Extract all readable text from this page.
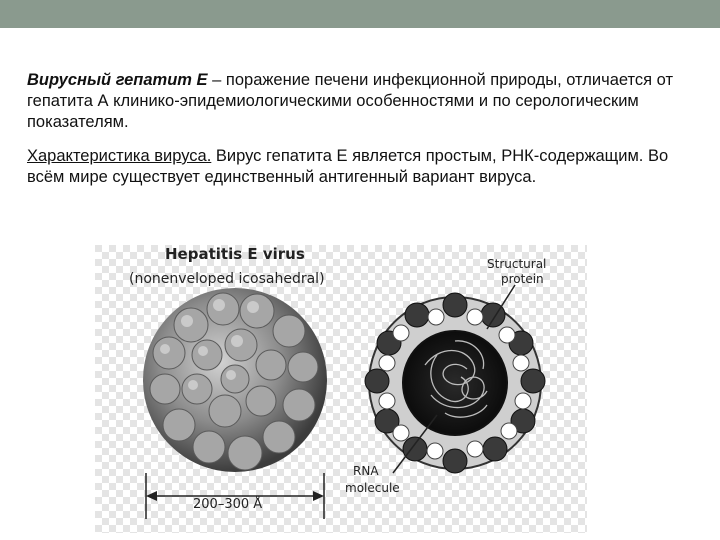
Вирусный гепатит Е – поражение печени инфекционной природы, отличается от гепатита А клинико-эпидемиологическими особенностями и по серологическим показателям.

Характеристика вируса. Вирус гепатита Е является простым, РНК-содержащим. Во всём мире существует единственный антигенный вариант вируса.

Hepatitis E virus
(nonenveloped icosahedral)
Structural
protein
RNA
molecule
200–300 Å
